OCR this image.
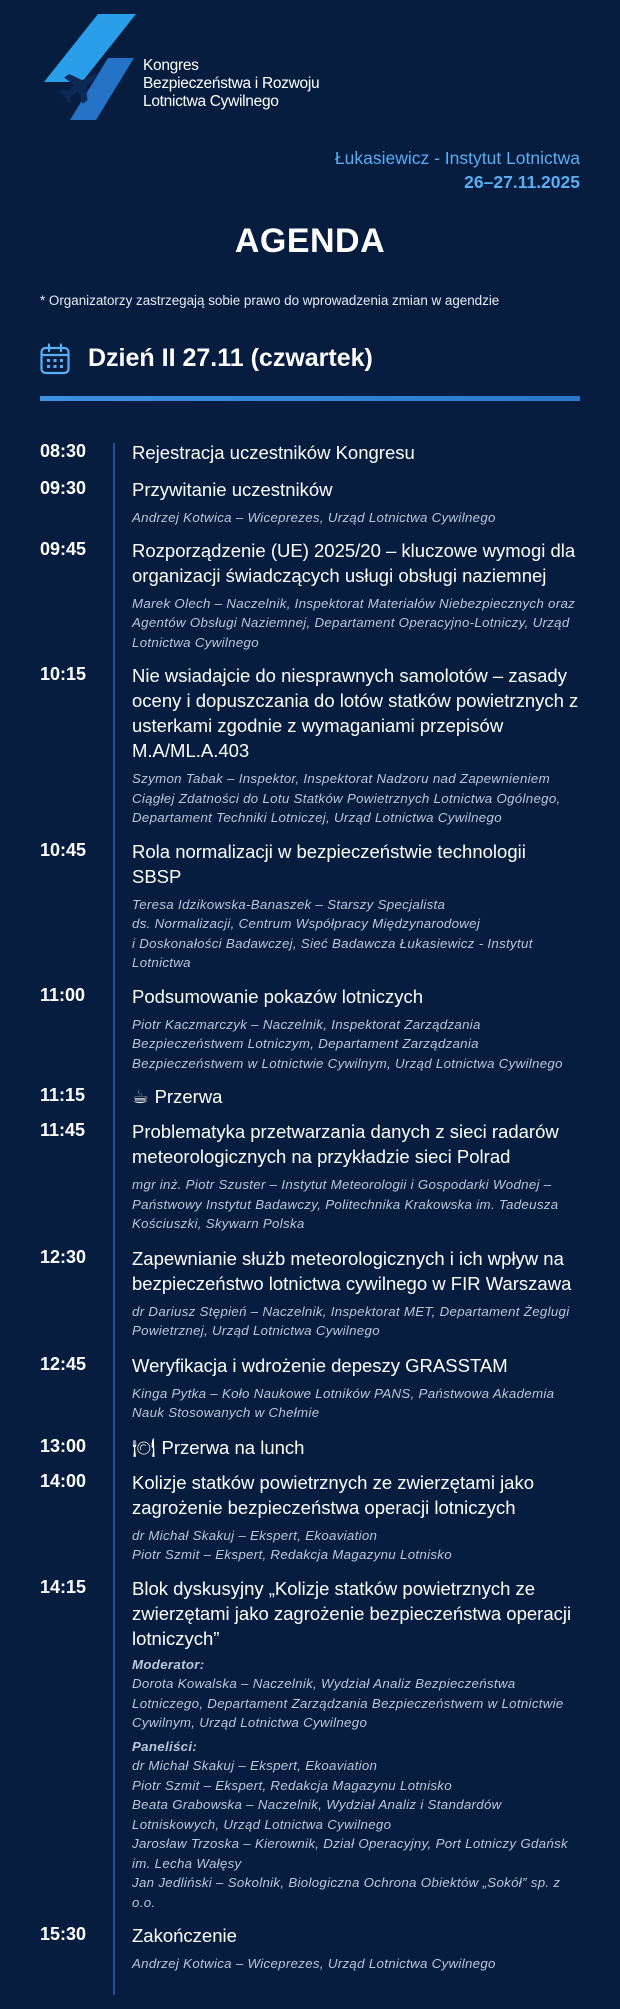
Kongres
Bezpieczeństwa i Rozwoju
Lotnictwa Cywilnego
Łukasiewicz - Instytut Lotnictwa
26–27.11.2025
AGENDA
* Organizatorzy zastrzegają sobie prawo do wprowadzenia zmian w agendzie
Dzień II 27.11 (czwartek)
08:30 Rejestracja uczestników Kongresu
09:30 Przywitanie uczestników
Andrzej Kotwica – Wiceprezes, Urząd Lotnictwa Cywilnego
09:45 Rozporządzenie (UE) 2025/20 – kluczowe wymogi dla organizacji świadczących usługi obsługi naziemnej
Marek Olech – Naczelnik, Inspektorat Materiałów Niebezpiecznych oraz Agentów Obsługi Naziemnej, Departament Operacyjno-Lotniczy, Urząd Lotnictwa Cywilnego
10:15 Nie wsiadajcie do niesprawnych samolotów – zasady oceny i dopuszczania do lotów statków powietrznych z usterkami zgodnie z wymaganiami przepisów M.A/ML.A.403
Szymon Tabak – Inspektor, Inspektorat Nadzoru nad Zapewnieniem Ciągłej Zdatności do Lotu Statków Powietrznych Lotnictwa Ogólnego, Departament Techniki Lotniczej, Urząd Lotnictwa Cywilnego
10:45 Rola normalizacji w bezpieczeństwie technologii SBSP
Teresa Idzikowska-Banaszek – Starszy Specjalista
ds. Normalizacji, Centrum Współpracy Międzynarodowej
i Doskonałości Badawczej, Sieć Badawcza Łukasiewicz - Instytut Lotnictwa
11:00	Podsumowanie pokazów lotniczych
Piotr Kaczmarczyk – Naczelnik, Inspektorat Zarządzania Bezpieczeństwem Lotniczym, Departament Zarządzania Bezpieczeństwem w Lotnictwie Cywilnym, Urząd Lotnictwa Cywilnego
11:15	☕ Przerwa
11:45	Problematyka przetwarzania danych z sieci radarów meteorologicznych na przykładzie sieci Polrad
mgr inż. Piotr Szuster – Instytut Meteorologii i Gospodarki Wodnej – Państwowy Instytut Badawczy, Politechnika Krakowska im. Tadeusza Kościuszki, Skywarn Polska
12:30 Zapewnianie służb meteorologicznych i ich wpływ na bezpieczeństwo lotnictwa cywilnego w FIR Warszawa
dr Dariusz Stępień – Naczelnik, Inspektorat MET, Departament Żeglugi Powietrznej, Urząd Lotnictwa Cywilnego
12:45 Weryfikacja i wdrożenie depeszy GRASSTAM
Kinga Pytka – Koło Naukowe Lotników PANS, Państwowa Akademia Nauk Stosowanych w Chełmie
13:00 🍽 Przerwa na lunch
14:00 Kolizje statków powietrznych ze zwierzętami jako zagrożenie bezpieczeństwa operacji lotniczych
dr Michał Skakuj – Ekspert, Ekoaviation
Piotr Szmit – Ekspert, Redakcja Magazynu Lotnisko
14:15 Blok dyskusyjny „Kolizje statków powietrznych ze zwierzętami jako zagrożenie bezpieczeństwa operacji lotniczych”
Moderator:
Dorota Kowalska – Naczelnik, Wydział Analiz Bezpieczeństwa Lotniczego, Departament Zarządzania Bezpieczeństwem w Lotnictwie Cywilnym, Urząd Lotnictwa Cywilnego
Paneliści:
dr Michał Skakuj – Ekspert, Ekoaviation
Piotr Szmit – Ekspert, Redakcja Magazynu Lotnisko
Beata Grabowska – Naczelnik, Wydział Analiz i Standardów Lotniskowych, Urząd Lotnictwa Cywilnego
Jarosław Trzoska – Kierownik, Dział Operacyjny, Port Lotniczy Gdańsk im. Lecha Wałęsy
Jan Jedliński – Sokolnik, Biologiczna Ochrona Obiektów „Sokół” sp. z o.o.
15:30 Zakończenie
Andrzej Kotwica – Wiceprezes, Urząd Lotnictwa Cywilnego
